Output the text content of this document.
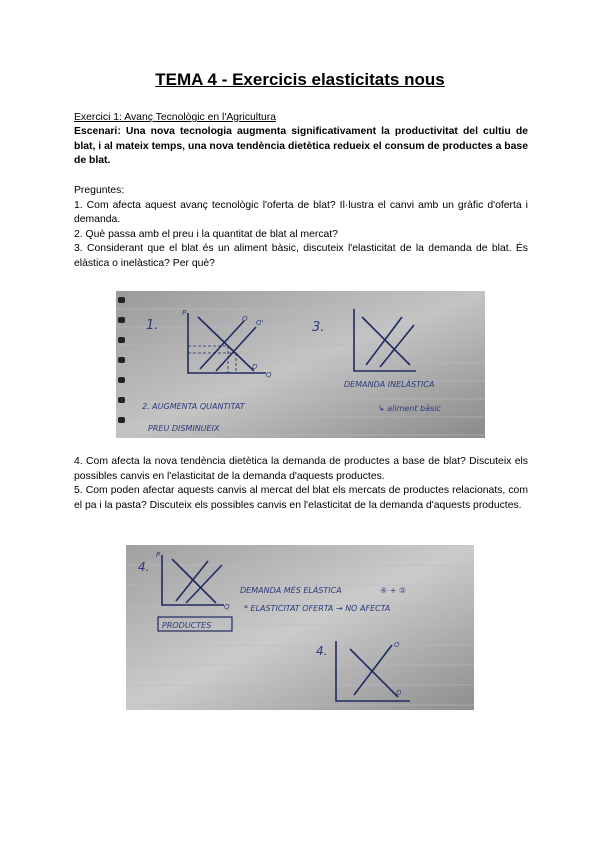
TEMA 4 - Exercicis elasticitats nous
Exercici 1: Avanç Tecnològic en l'Agricultura
Escenari: Una nova tecnologia augmenta significativament la productivitat del cultiu de blat, i al mateix temps, una nova tendència dietètica redueix el consum de productes a base de blat.

Preguntes:

1. Com afecta aquest avanç tecnològic l'oferta de blat? Il·lustra el canvi amb un gràfic d'oferta i demanda.

2. Què passa amb el preu i la quantitat de blat al mercat?

3. Considerant que el blat és un aliment bàsic, discuteix l'elasticitat de la demanda de blat. És elàstica o inelàstica? Per què?

1.
P
Q
O O'
D
3.
DEMANDA INELÀSTICA
↳ aliment bàsic
2. AUGMENTA QUANTITAT
PREU DISMINUEIX

4. Com afecta la nova tendència dietètica la demanda de productes a base de blat? Discuteix els possibles canvis en l'elasticitat de la demanda d'aquests productes.

5. Com poden afectar aquests canvis al mercat del blat els mercats de productes relacionats, com el pa i la pasta? Discuteix els possibles canvis en l'elasticitat de la demanda d'aquests productes.

4.
P
Q
DEMANDA MÉS ELÀSTICA	④ + ⑤
* ELASTICITAT OFERTA → NO AFECTA
PRODUCTES
4.	O
D
